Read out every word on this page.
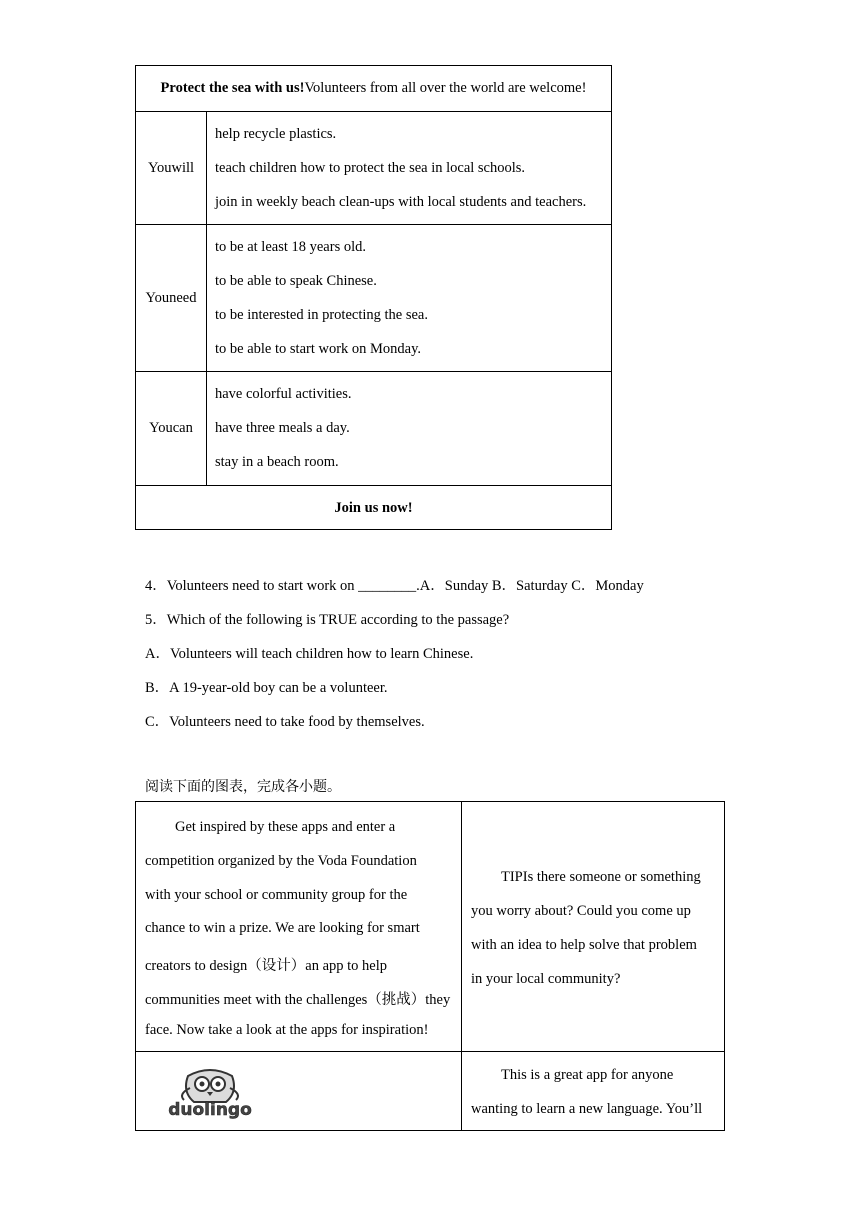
Protect the sea with us!Volunteers from all over the world are welcome!
Youwill
help recycle plastics.
teach children how to protect the sea in local schools.
join in weekly beach clean-ups with local students and teachers.
Youneed
to be at least 18 years old.
to be able to speak Chinese.
to be interested in protecting the sea.
to be able to start work on Monday.
Youcan
have colorful activities.
have three meals a day.
stay in a beach room.
Join us now!
4．Volunteers need to start work on ________.A．Sunday B．Saturday C．Monday
5．Which of the following is TRUE according to the passage?
A．Volunteers will teach children how to learn Chinese.
B．A 19-year-old boy can be a volunteer.
C．Volunteers need to take food by themselves.
阅读下面的图表，完成各小题。
Get inspired by these apps and enter a
competition organized by the Voda Foundation
with your school or community group for the
chance to win a prize. We are looking for smart
creators to design（设计）an app to help
communities meet with the challenges（挑战）they
face. Now take a look at the apps for inspiration!
TIPIs there someone or something
you worry about? Could you come up
with an idea to help solve that problem
in your local community?
duolingo
This is a great app for anyone
wanting to learn a new language. You’ll
